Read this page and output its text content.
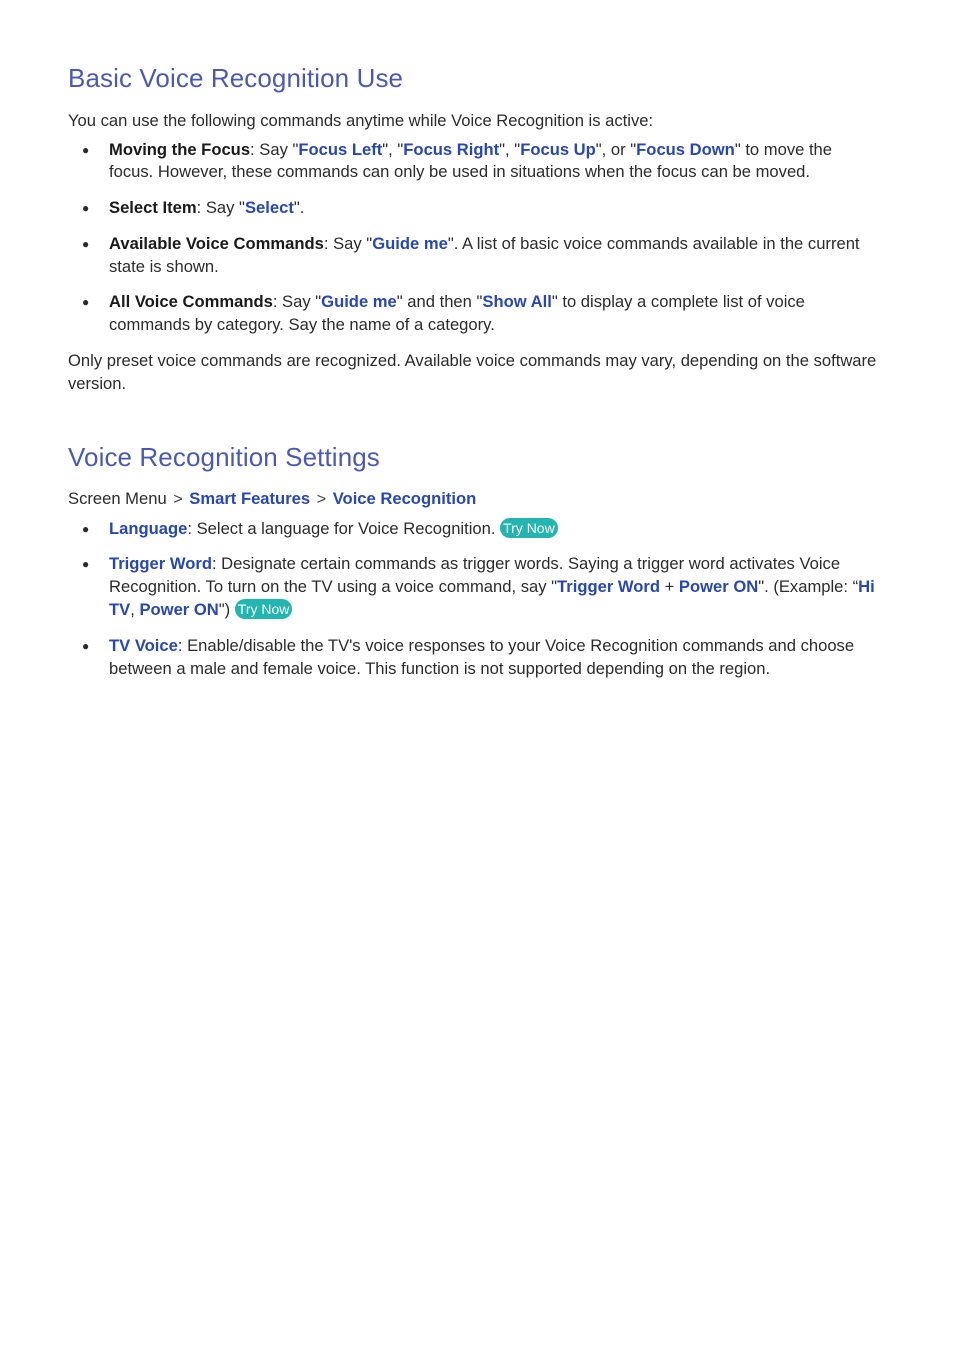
Basic Voice Recognition Use

You can use the following commands anytime while Voice Recognition is active:

● Moving the Focus: Say "Focus Left", "Focus Right", "Focus Up", or "Focus Down" to move the focus. However, these commands can only be used in situations when the focus can be moved.
● Select Item: Say "Select".
● Available Voice Commands: Say "Guide me". A list of basic voice commands available in the current state is shown.
● All Voice Commands: Say "Guide me" and then "Show All" to display a complete list of voice commands by category. Say the name of a category.

Only preset voice commands are recognized. Available voice commands may vary, depending on the software version.

Voice Recognition Settings

Screen Menu > Smart Features > Voice Recognition

● Language: Select a language for Voice Recognition. Try Now
● Trigger Word: Designate certain commands as trigger words. Saying a trigger word activates Voice Recognition. To turn on the TV using a voice command, say "Trigger Word + Power ON". (Example: “Hi TV, Power ON") Try Now
● TV Voice: Enable/disable the TV's voice responses to your Voice Recognition commands and choose between a male and female voice. This function is not supported depending on the region.
